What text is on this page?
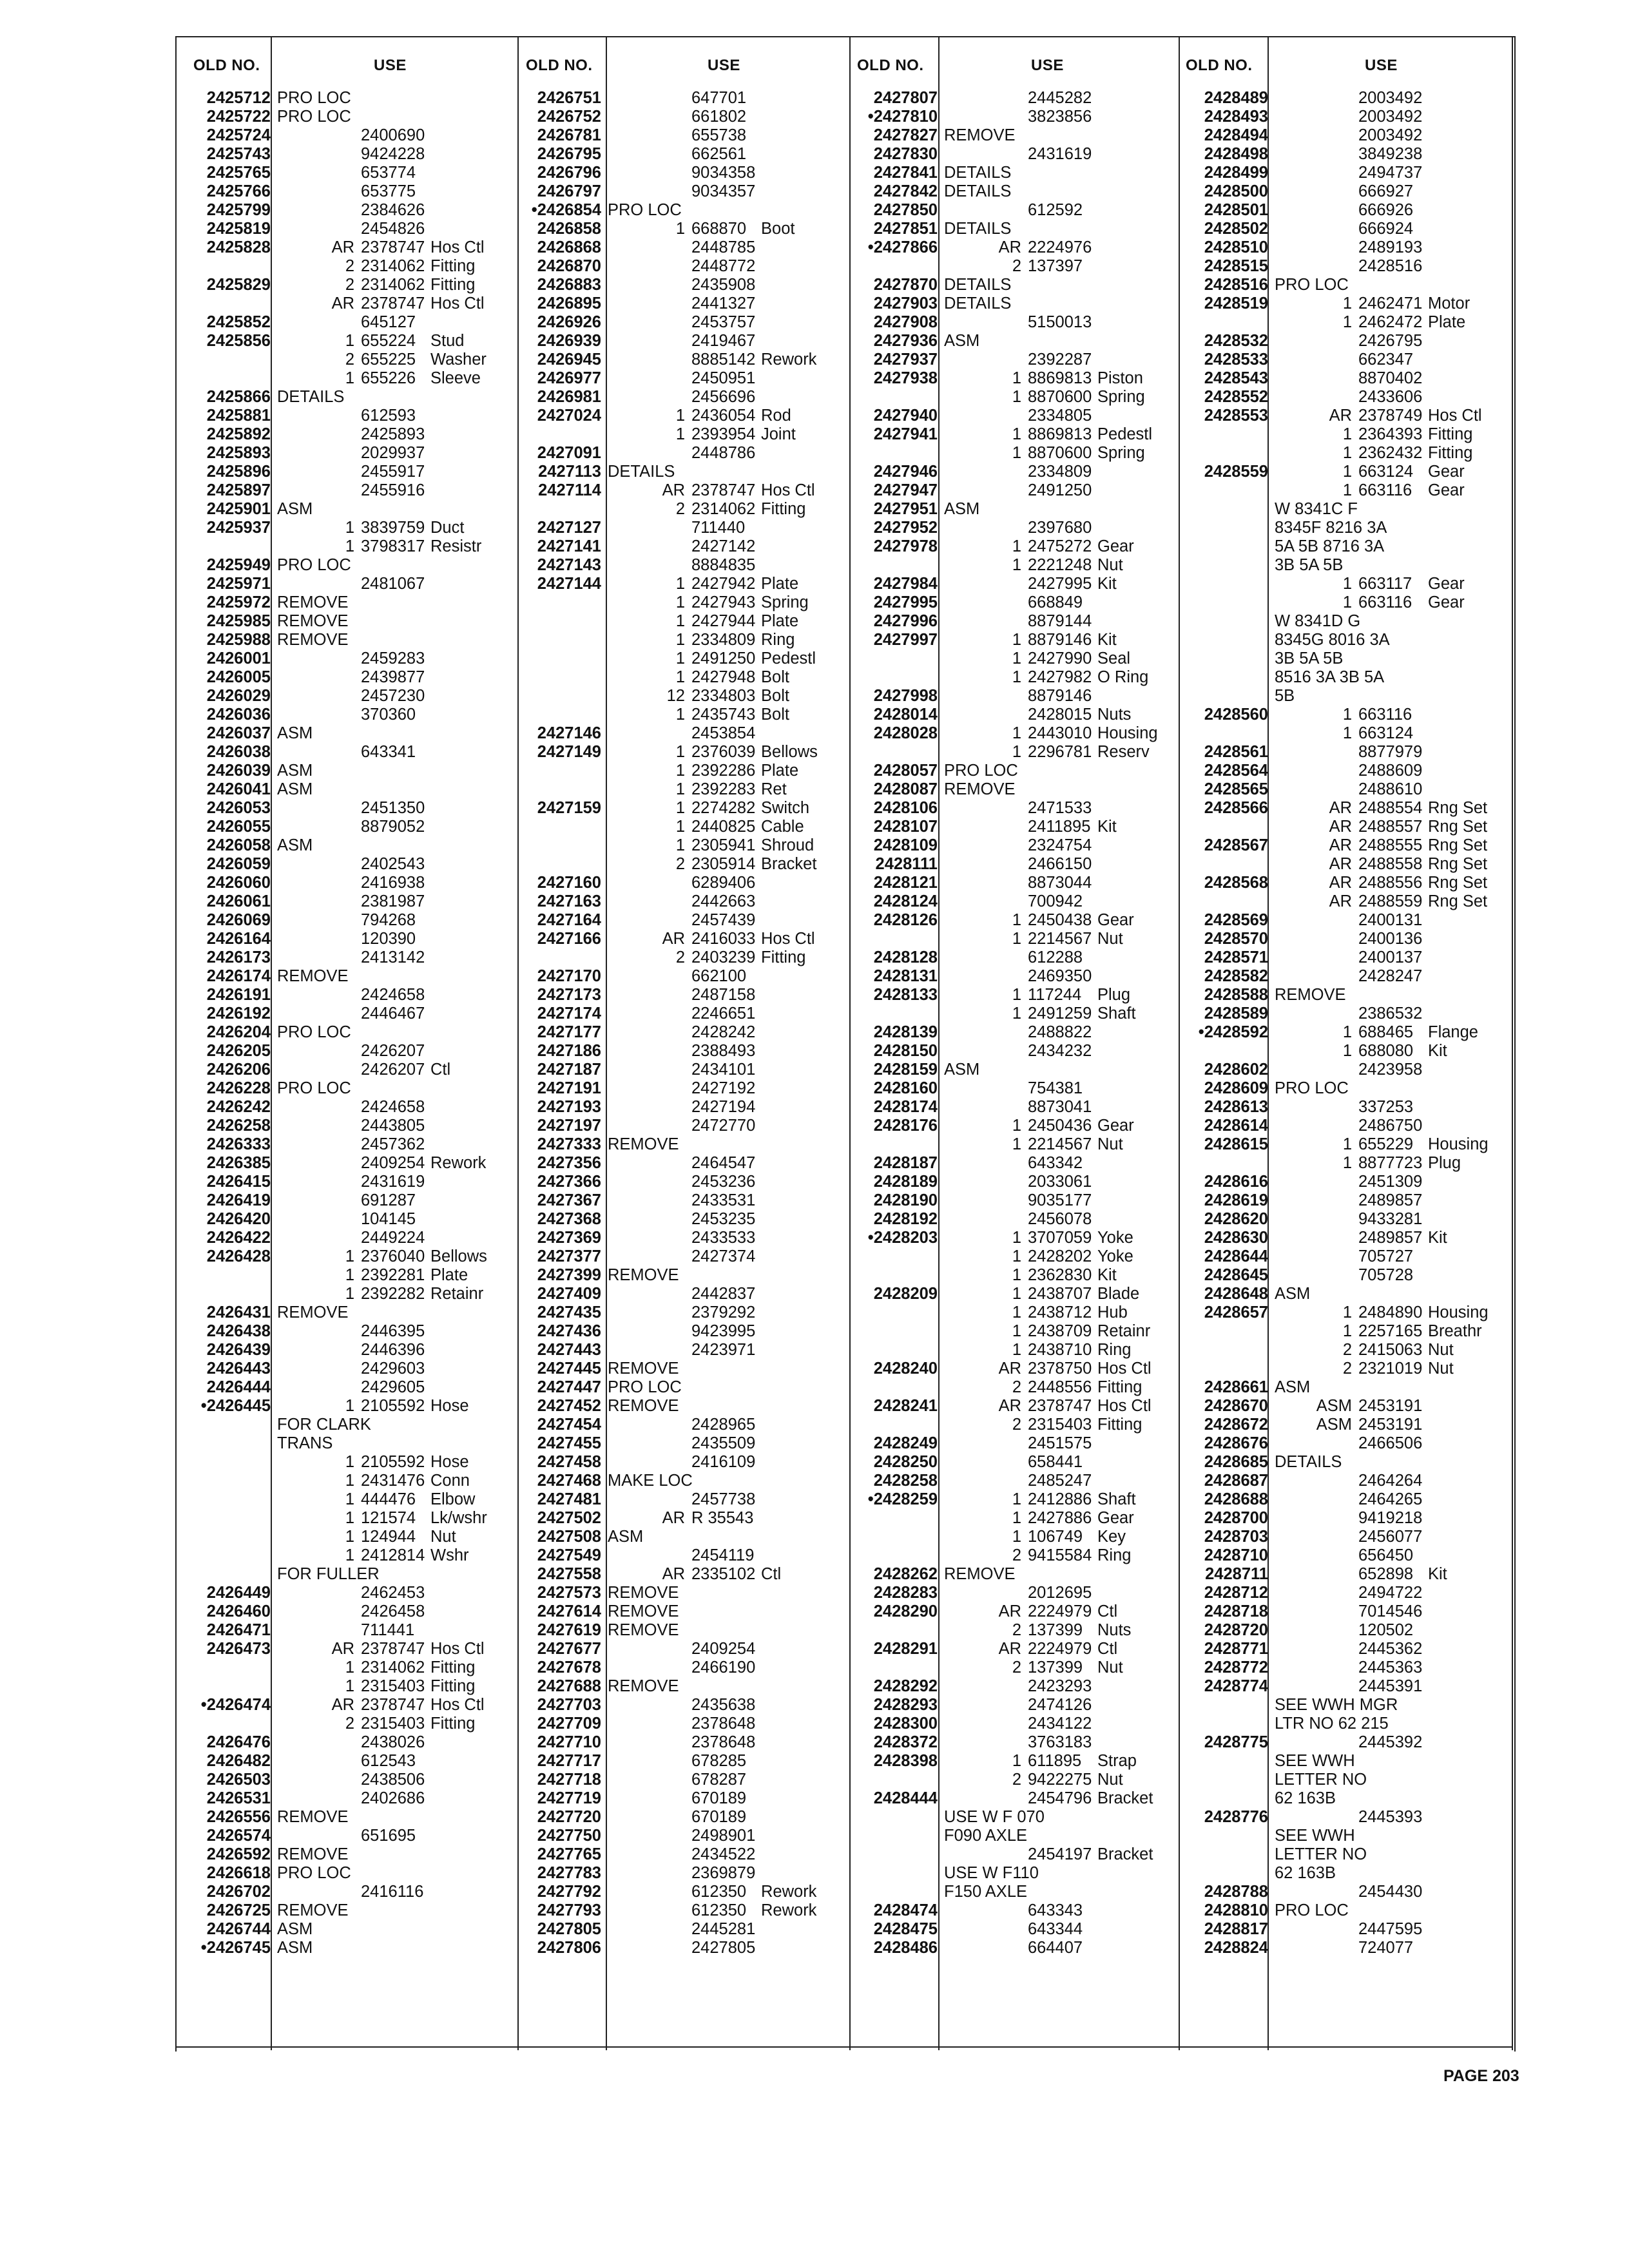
OLD NO.	USE	OLD NO.	USE	OLD NO.	USE	OLD NO.	USE
2425712 PRO LOC
2425722 PRO LOC
2425724	2400690
2425743	9424228
2425765	653774
2425766	653775
2425799	2384626
2425819	2454826
2425828	AR 2378747 Hos Ctl
2 2314062 Fitting
2425829	2 2314062 Fitting
AR 2378747 Hos Ctl
2425852	645127
2425856	1 655224 Stud
2 655225 Washer
1 655226 Sleeve
2425866 DETAILS
2425881	612593
2425892	2425893
2425893	2029937
2425896	2455917
2425897	2455916
2425901 ASM
2425937	1 3839759 Duct
1 3798317 Resistr
2425949 PRO LOC
2425971	2481067
2425972 REMOVE
2425985 REMOVE
2425988 REMOVE
2426001	2459283
2426005	2439877
2426029	2457230
2426036	370360
2426037 ASM
2426038	643341
2426039 ASM
2426041 ASM
2426053	2451350
2426055	8879052
2426058 ASM
2426059	2402543
2426060	2416938
2426061	2381987
2426069	794268
2426164	120390
2426173	2413142
2426174 REMOVE
2426191	2424658
2426192	2446467
2426204 PRO LOC
2426205	2426207
2426206	2426207 Ctl
2426228 PRO LOC
2426242	2424658
2426258	2443805
2426333	2457362
2426385	2409254 Rework
2426415	2431619
2426419	691287
2426420	104145
2426422	2449224
2426428	1 2376040 Bellows
1 2392281 Plate
1 2392282 Retainr
2426431 REMOVE
2426438	2446395
2426439	2446396
2426443	2429603
2426444	2429605
•2426445	1 2105592 Hose
FOR CLARK
TRANS
1 2105592 Hose
1 2431476 Conn
1 444476 Elbow
1 121574 Lk/wshr
1 124944 Nut
1 2412814 Wshr
FOR FULLER
2426449	2462453
2426460	2426458
2426471	711441
2426473	AR 2378747 Hos Ctl
1 2314062 Fitting
1 2315403 Fitting
•2426474	AR 2378747 Hos Ctl
2 2315403 Fitting
2426476	2438026
2426482	612543
2426503	2438506
2426531	2402686
2426556 REMOVE
2426574	651695
2426592 REMOVE
2426618 PRO LOC
2426702	2416116
2426725 REMOVE
2426744 ASM
•2426745 ASM
2426751	647701
2426752	661802
2426781	655738
2426795	662561
2426796	9034358
2426797	9034357
•2426854 PRO LOC
2426858	1 668870 Boot
2426868	2448785
2426870	2448772
2426883	2435908
2426895	2441327
2426926	2453757
2426939	2419467
2426945	8885142 Rework
2426977	2450951
2426981	2456696
2427024	1 2436054 Rod
1 2393954 Joint
2427091	2448786
2427113 DETAILS
2427114	AR 2378747 Hos Ctl
2 2314062 Fitting
2427127	711440
2427141	2427142
2427143	8884835
2427144	1 2427942 Plate
1 2427943 Spring
1 2427944 Plate
1 2334809 Ring
1 2491250 Pedestl
1 2427948 Bolt
12 2334803 Bolt
1 2435743 Bolt
2427146	2453854
2427149	1 2376039 Bellows
1 2392286 Plate
1 2392283 Ret
2427159	1 2274282 Switch
1 2440825 Cable
1 2305941 Shroud
2 2305914 Bracket
2427160	6289406
2427163	2442663
2427164	2457439
2427166	AR 2416033 Hos Ctl
2 2403239 Fitting
2427170	662100
2427173	2487158
2427174	2246651
2427177	2428242
2427186	2388493
2427187	2434101
2427191	2427192
2427193	2427194
2427197	2472770
2427333 REMOVE
2427356	2464547
2427366	2453236
2427367	2433531
2427368	2453235
2427369	2433533
2427377	2427374
2427399 REMOVE
2427409	2442837
2427435	2379292
2427436	9423995
2427443	2423971
2427445 REMOVE
2427447 PRO LOC
2427452 REMOVE
2427454	2428965
2427455	2435509
2427458	2416109
2427468 MAKE LOC
2427481	2457738
2427502	AR R 35543
2427508 ASM
2427549	2454119
2427558	AR 2335102 Ctl
2427573 REMOVE
2427614 REMOVE
2427619 REMOVE
2427677	2409254
2427678	2466190
2427688 REMOVE
2427703	2435638
2427709	2378648
2427710	2378648
2427717	678285
2427718	678287
2427719	670189
2427720	670189
2427750	2498901
2427765	2434522
2427783	2369879
2427792	612350 Rework
2427793	612350 Rework
2427805	2445281
2427806	2427805
2427807	2445282
•2427810	3823856
2427827 REMOVE
2427830	2431619
2427841 DETAILS
2427842 DETAILS
2427850	612592
2427851 DETAILS
•2427866	AR 2224976
2 137397
2427870 DETAILS
2427903 DETAILS
2427908	5150013
2427936 ASM
2427937	2392287
2427938	1 8869813 Piston
1 8870600 Spring
2427940	2334805
2427941	1 8869813 Pedestl
1 8870600 Spring
2427946	2334809
2427947	2491250
2427951 ASM
2427952	2397680
2427978	1 2475272 Gear
1 2221248 Nut
2427984	2427995 Kit
2427995	668849
2427996	8879144
2427997	1 8879146 Kit
1 2427990 Seal
1 2427982 O Ring
2427998	8879146
2428014	2428015 Nuts
2428028	1 2443010 Housing
1 2296781 Reserv
2428057 PRO LOC
2428087 REMOVE
2428106	2471533
2428107	2411895 Kit
2428109	2324754
2428111	2466150
2428121	8873044
2428124	700942
2428126	1 2450438 Gear
1 2214567 Nut
2428128	612288
2428131	2469350
2428133	1 117244 Plug
1 2491259 Shaft
2428139	2488822
2428150	2434232
2428159 ASM
2428160	754381
2428174	8873041
2428176	1 2450436 Gear
1 2214567 Nut
2428187	643342
2428189	2033061
2428190	9035177
2428192	2456078
•2428203	1 3707059 Yoke
1 2428202 Yoke
1 2362830 Kit
2428209	1 2438707 Blade
1 2438712 Hub
1 2438709 Retainr
1 2438710 Ring
2428240	AR 2378750 Hos Ctl
2 2448556 Fitting
2428241	AR 2378747 Hos Ctl
2 2315403 Fitting
2428249	2451575
2428250	658441
2428258	2485247
•2428259	1 2412886 Shaft
1 2427886 Gear
1 106749 Key
2 9415584 Ring
2428262 REMOVE
2428283	2012695
2428290	AR 2224979 Ctl
2 137399 Nuts
2428291	AR 2224979 Ctl
2 137399 Nut
2428292	2423293
2428293	2474126
2428300	2434122
2428372	3763183
2428398	1 611895 Strap
2 9422275 Nut
2428444	2454796 Bracket
USE W F 070
F090 AXLE
2454197 Bracket
USE W F110
F150 AXLE
2428474	643343
2428475	643344
2428486	664407
2428489	2003492
2428493	2003492
2428494	2003492
2428498	3849238
2428499	2494737
2428500	666927
2428501	666926
2428502	666924
2428510	2489193
2428515	2428516
2428516 PRO LOC
2428519	1 2462471 Motor
1 2462472 Plate
2428532	2426795
2428533	662347
2428543	8870402
2428552	2433606
2428553	AR 2378749 Hos Ctl
1 2364393 Fitting
1 2362432 Fitting
2428559	1 663124 Gear
1 663116 Gear
W 8341C F
8345F 8216 3A
5A 5B 8716 3A
3B 5A 5B
1 663117 Gear
1 663116 Gear
W 8341D G
8345G 8016 3A
3B 5A 5B
8516 3A 3B 5A
5B
2428560	1 663116
1 663124
2428561	8877979
2428564	2488609
2428565	2488610
2428566	AR 2488554 Rng Set
AR 2488557 Rng Set
2428567	AR 2488555 Rng Set
AR 2488558 Rng Set
2428568	AR 2488556 Rng Set
AR 2488559 Rng Set
2428569	2400131
2428570	2400136
2428571	2400137
2428582	2428247
2428588 REMOVE
2428589	2386532
•2428592	1 688465 Flange
1 688080 Kit
2428602	2423958
2428609 PRO LOC
2428613	337253
2428614	2486750
2428615	1 655229 Housing
1 8877723 Plug
2428616	2451309
2428619	2489857
2428620	9433281
2428630	2489857 Kit
2428644	705727
2428645	705728
2428648 ASM
2428657	1 2484890 Housing
1 2257165 Breathr
2 2415063 Nut
2 2321019 Nut
2428661 ASM
2428670	ASM 2453191
2428672	ASM 2453191
2428676	2466506
2428685 DETAILS
2428687	2464264
2428688	2464265
2428700	9419218
2428703	2456077
2428710	656450
2428711	652898 Kit
2428712	2494722
2428718	7014546
2428720	120502
2428771	2445362
2428772	2445363
2428774	2445391
SEE WWH MGR
LTR NO 62 215
2428775	2445392
SEE WWH
LETTER NO
62 163B
2428776	2445393
SEE WWH
LETTER NO
62 163B
2428788	2454430
2428810 PRO LOC
2428817	2447595
2428824	724077
PAGE 203
